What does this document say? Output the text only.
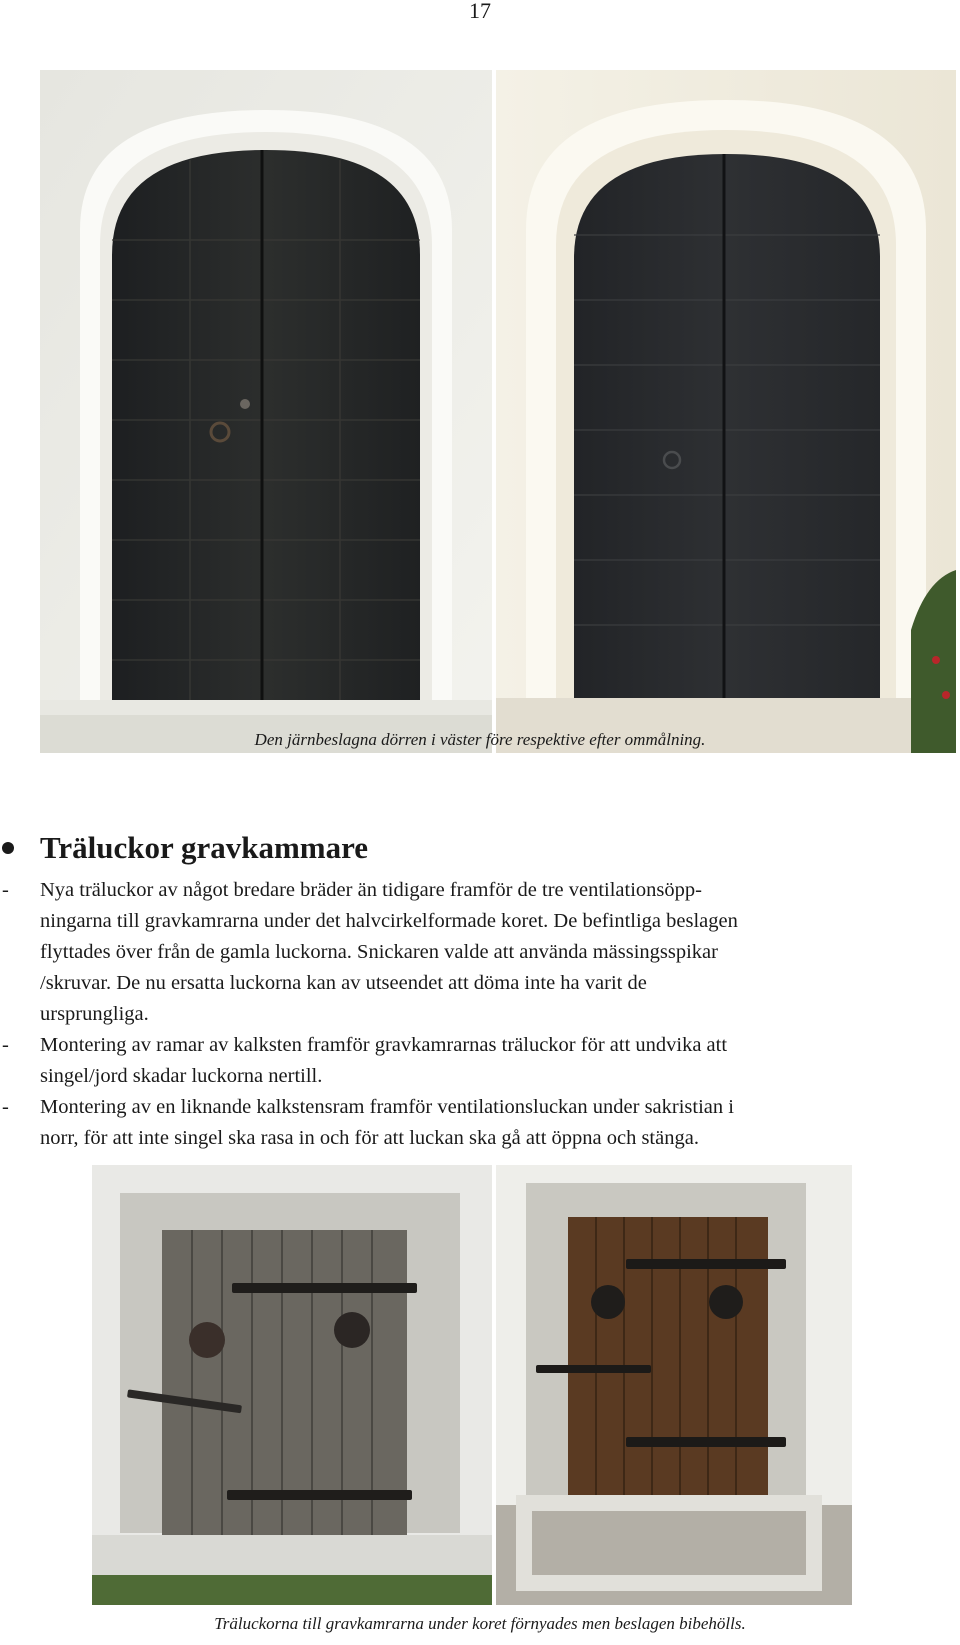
17
Den järnbeslagna dörren i väster före respektive efter ommålning.
Träluckor gravkammare
- Nya träluckor av något bredare bräder än tidigare framför de tre ventilationsöpp-
ningarna till gravkamrarna under det halvcirkelformade koret. De befintliga beslagen
flyttades över från de gamla luckorna. Snickaren valde att använda mässingsspikar
/skruvar. De nu ersatta luckorna kan av utseendet att döma inte ha varit de
ursprungliga.
- Montering av ramar av kalksten framför gravkamrarnas träluckor för att undvika att
singel/jord skadar luckorna nertill.
- Montering av en liknande kalkstensram framför ventilationsluckan under sakristian i
norr, för att inte singel ska rasa in och för att luckan ska gå att öppna och stänga.
Träluckorna till gravkamrarna under koret förnyades men beslagen bibehölls.
